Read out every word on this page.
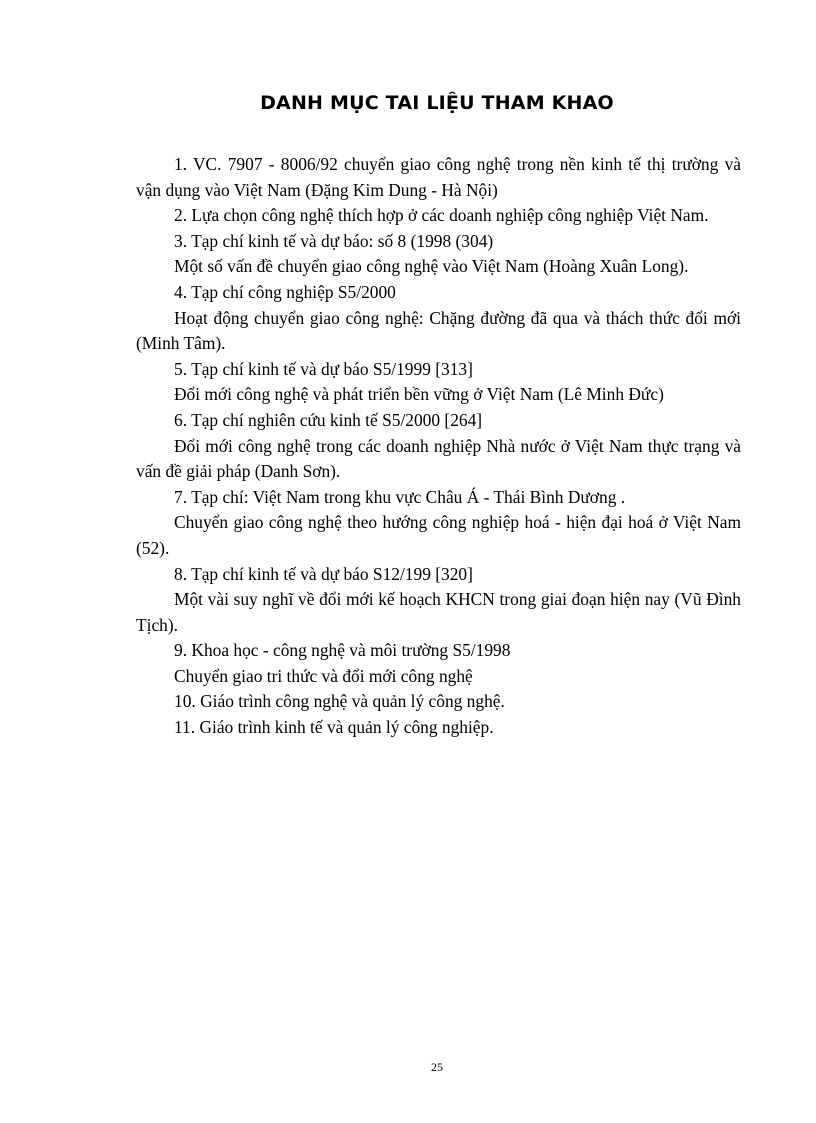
DANH MỤC TAI LIỆU THAM KHAO

1. VC. 7907 - 8006/92 chuyển giao công nghệ trong nền kinh tế thị trường và vận dụng vào Việt Nam (Đặng Kim Dung - Hà Nội)

2. Lựa chọn công nghệ thích hợp ở các doanh nghiệp công nghiệp Việt Nam.

3. Tạp chí kinh tế và dự báo: số 8 (1998 (304)

Một số vấn đề chuyển giao công nghệ vào Việt Nam (Hoàng Xuân Long).

4. Tạp chí công nghiệp S5/2000

Hoạt động chuyển giao công nghệ: Chặng đường đã qua và thách thức đổi mới (Minh Tâm).

5. Tạp chí kinh tế và dự báo S5/1999 [313]

Đổi mới công nghệ và phát triển bền vững ở Việt Nam (Lê Minh Đức)

6. Tạp chí nghiên cứu kinh tế S5/2000 [264]

Đổi mới công nghệ trong các doanh nghiệp Nhà nước ở Việt Nam thực trạng và vấn đề giải pháp (Danh Sơn).

7. Tạp chí: Việt Nam trong khu vực Châu Á - Thái Bình Dương .

Chuyển giao công nghệ theo hướng công nghiệp hoá - hiện đại hoá ở Việt Nam (52).

8. Tạp chí kinh tế và dự báo S12/199 [320]

Một vài suy nghĩ về đổi mới kế hoạch KHCN trong giai đoạn hiện nay (Vũ Đình Tịch).

9. Khoa học - công nghệ và môi trường S5/1998

Chuyển giao tri thức và đổi mới công nghệ

10. Giáo trình công nghệ và quản lý công nghệ.

11. Giáo trình kinh tế và quản lý công nghiệp.

25
